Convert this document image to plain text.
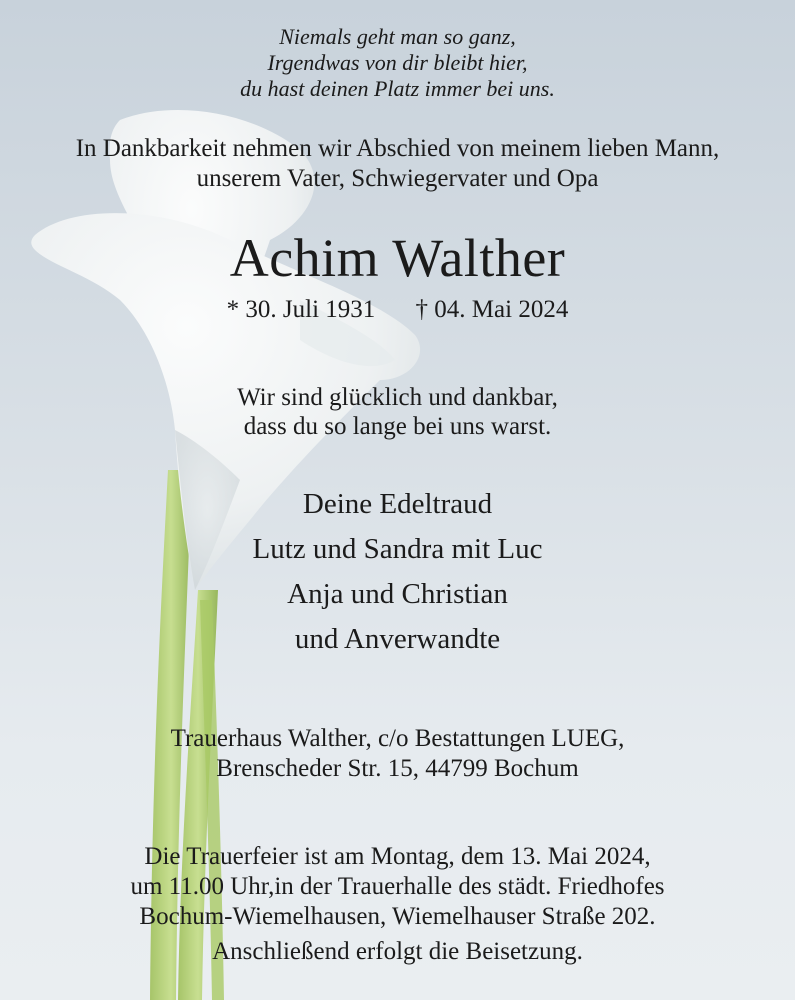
Niemals geht man so ganz,
Irgendwas von dir bleibt hier,
du hast deinen Platz immer bei uns.
In Dankbarkeit nehmen wir Abschied von meinem lieben Mann,
unserem Vater, Schwiegervater und Opa
Achim Walther
* 30. Juli 1931 † 04. Mai 2024
Wir sind glücklich und dankbar,
dass du so lange bei uns warst.
Deine Edeltraud
Lutz und Sandra mit Luc
Anja und Christian
und Anverwandte
Trauerhaus Walther, c/o Bestattungen LUEG,
Brenscheder Str. 15, 44799 Bochum
Die Trauerfeier ist am Montag, dem 13. Mai 2024,
um 11.00 Uhr,in der Trauerhalle des städt. Friedhofes
Bochum-Wiemelhausen, Wiemelhauser Straße 202.
Anschließend erfolgt die Beisetzung.
